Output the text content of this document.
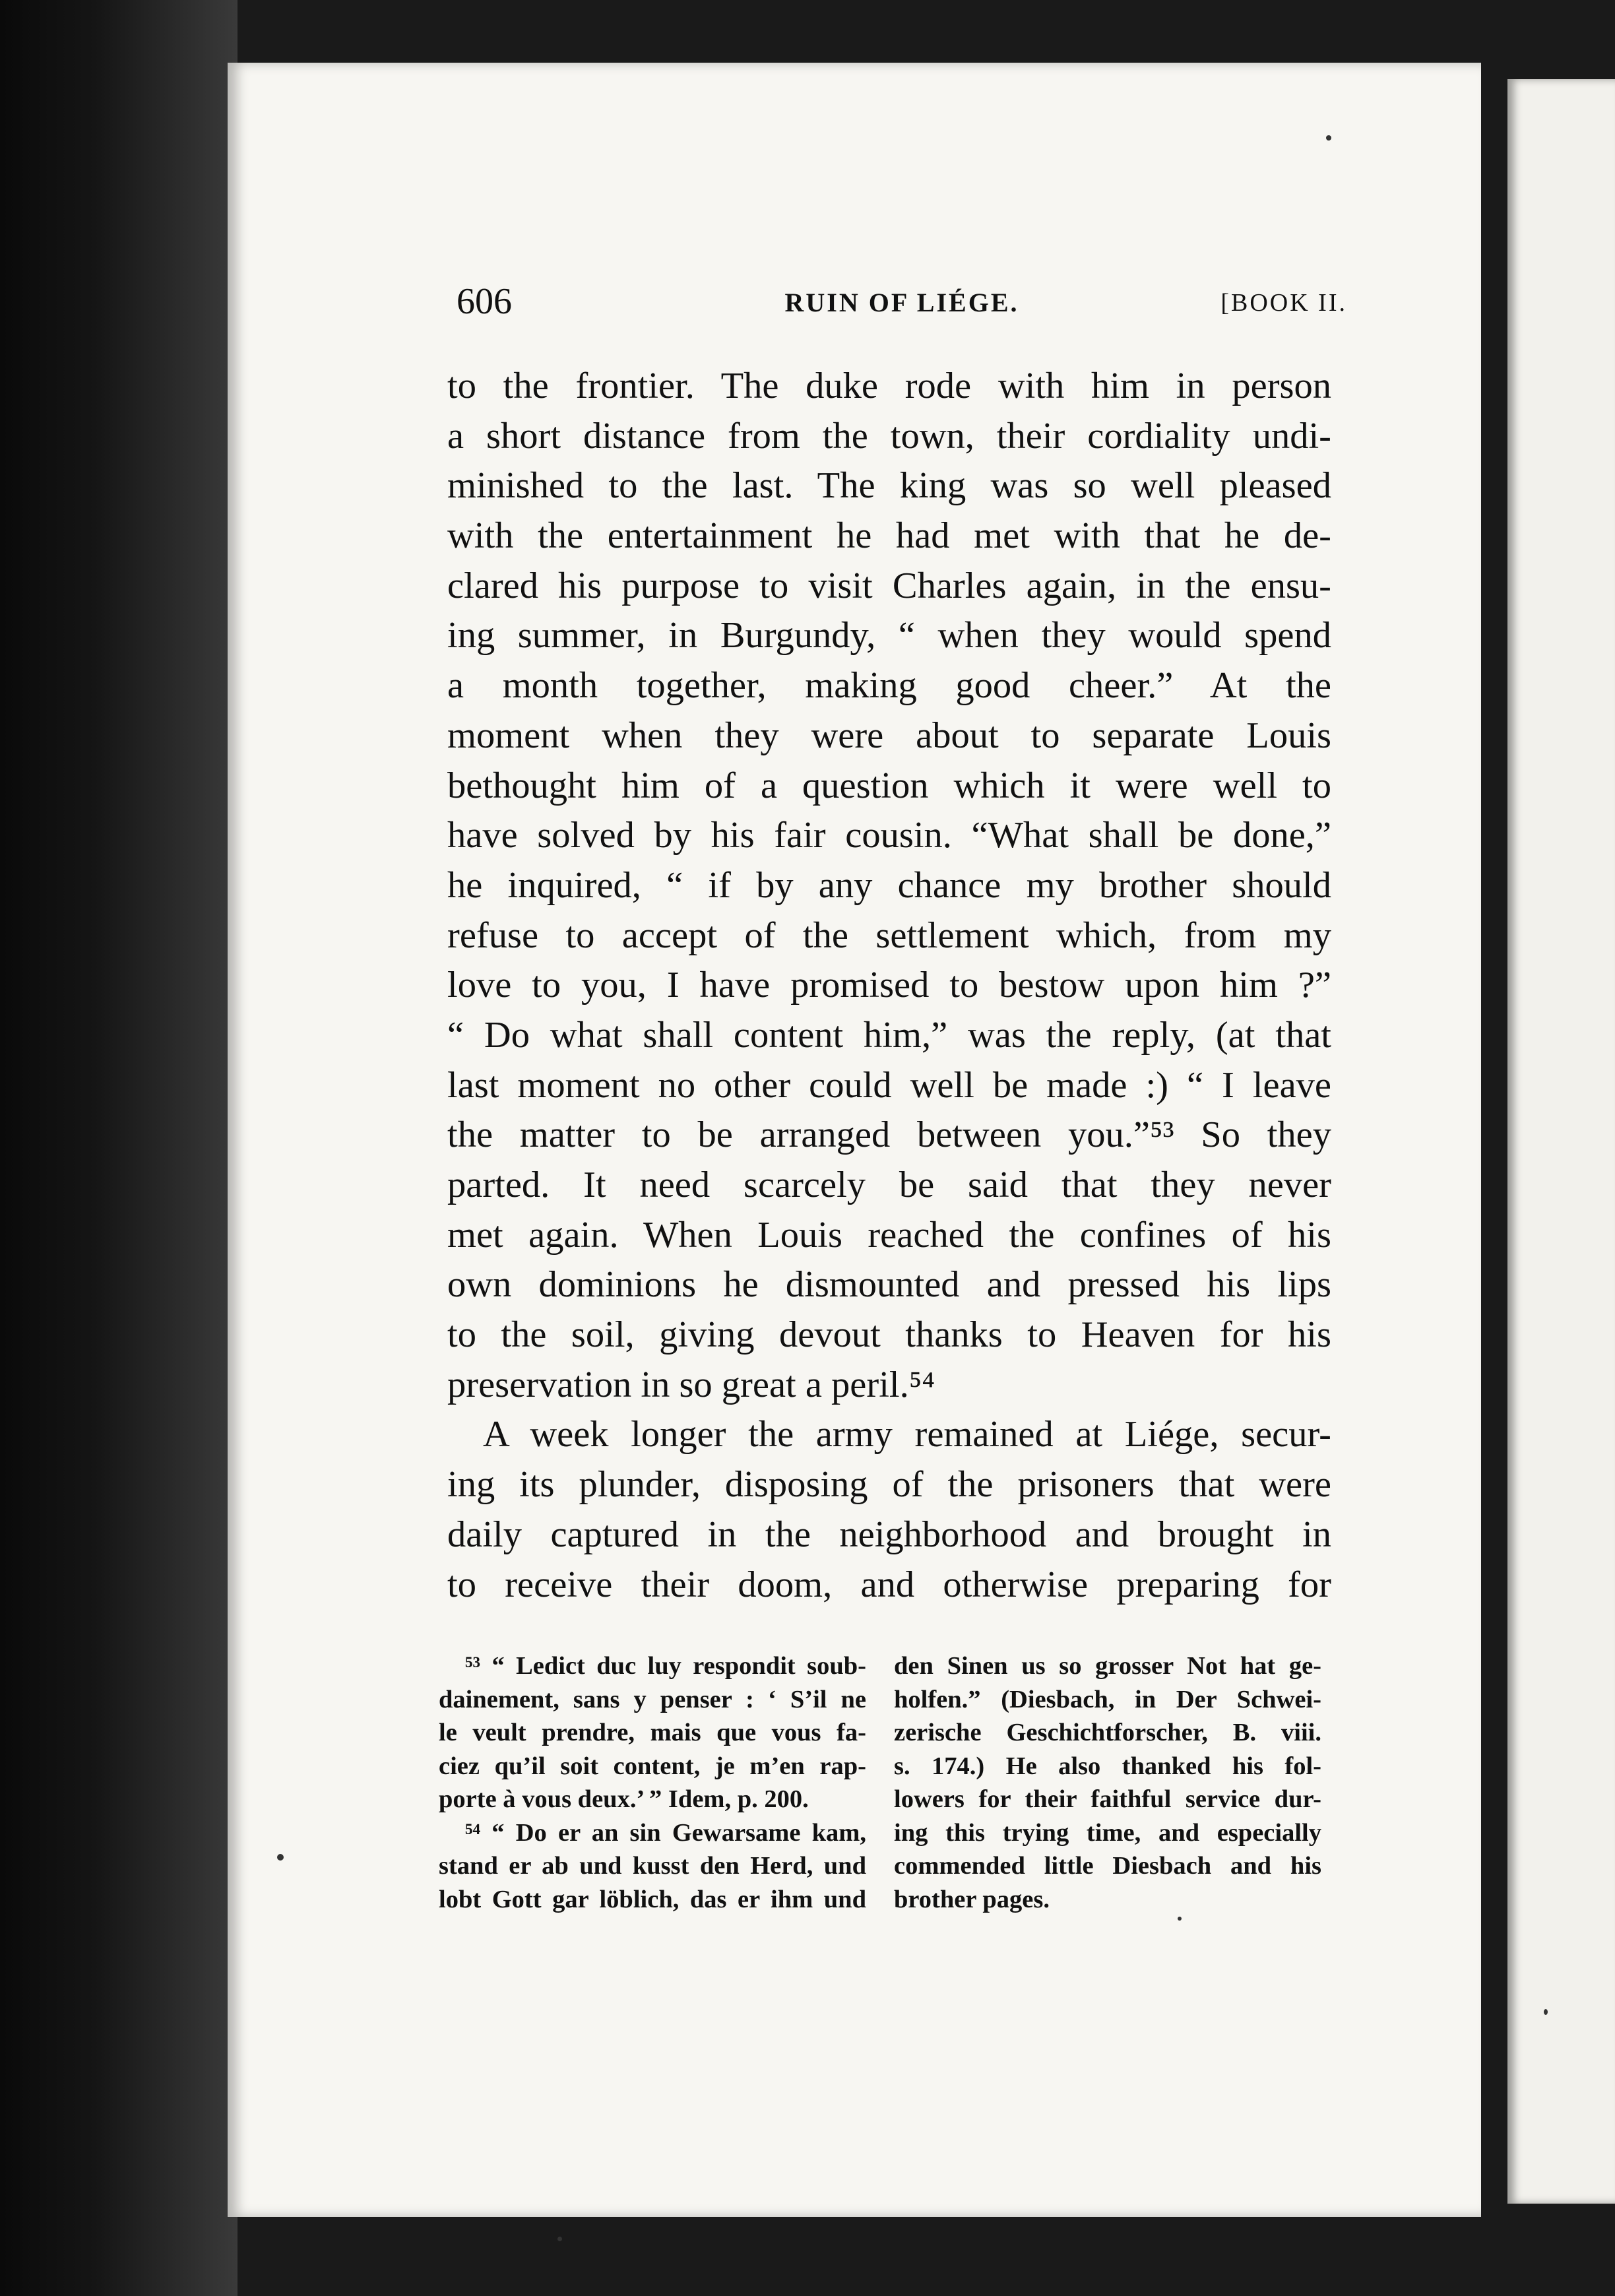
606	RUIN OF LIÉGE.	[BOOK II.
to the frontier. The duke rode with him in person
a short distance from the town, their cordiality undi-
minished to the last. The king was so well pleased
with the entertainment he had met with that he de-
clared his purpose to visit Charles again, in the ensu-
ing summer, in Burgundy, “ when they would spend
a month together, making good cheer.” At the
moment when they were about to separate Louis
bethought him of a question which it were well to
have solved by his fair cousin. “What shall be done,”
he inquired, “ if by any chance my brother should
refuse to accept of the settlement which, from my
love to you, I have promised to bestow upon him ?”
“ Do what shall content him,” was the reply, (at that
last moment no other could well be made :) “ I leave
the matter to be arranged between you.”⁵³ So they
parted. It need scarcely be said that they never
met again. When Louis reached the confines of his
own dominions he dismounted and pressed his lips
to the soil, giving devout thanks to Heaven for his
preservation in so great a peril.⁵⁴
A week longer the army remained at Liége, secur-
ing its plunder, disposing of the prisoners that were
daily captured in the neighborhood and brought in
to receive their doom, and otherwise preparing for
⁵³ “ Ledict duc luy respondit soub-
dainement, sans y penser : ‘ S’il ne
le veult prendre, mais que vous fa-
ciez qu’il soit content, je m’en rap-
porte à vous deux.’ ” Idem, p. 200.
⁵⁴ “ Do er an sin Gewarsame kam,
stand er ab und kusst den Herd, und
lobt Gott gar löblich, das er ihm und
den Sinen us so grosser Not hat ge-
holfen.” (Diesbach, in Der Schwei-
zerische Geschichtforscher, B. viii.
s. 174.) He also thanked his fol-
lowers for their faithful service dur-
ing this trying time, and especially
commended little Diesbach and his
brother pages.
